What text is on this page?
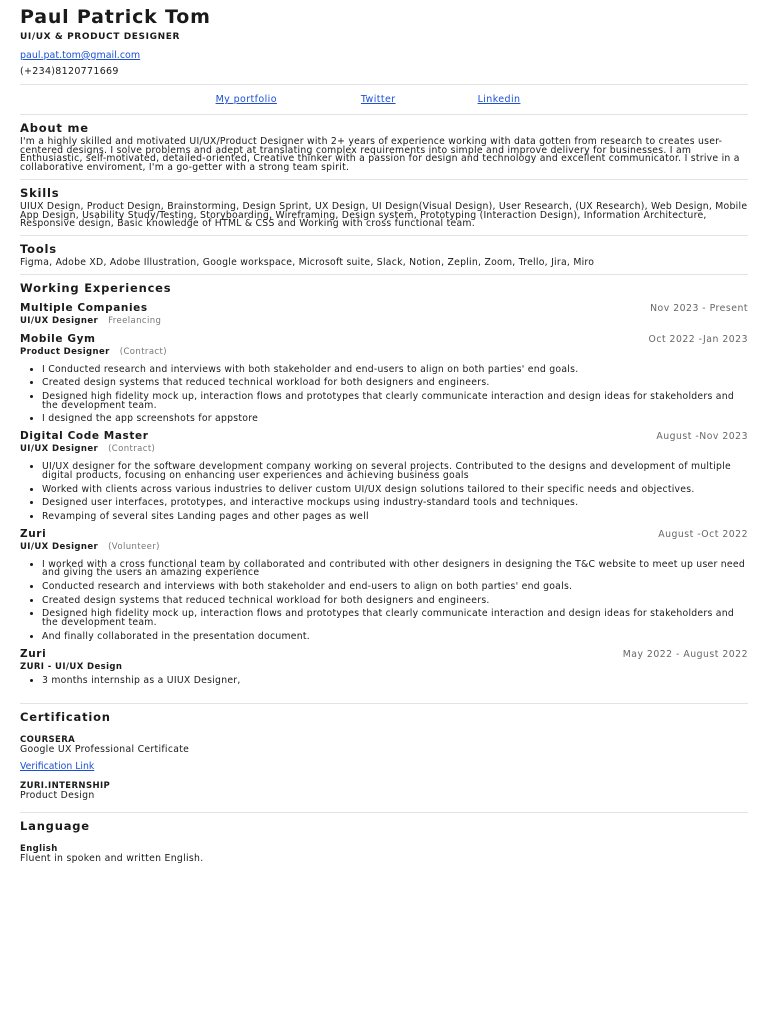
Paul Patrick Tom
UI/UX & PRODUCT DESIGNER
paul.pat.tom@gmail.com
(+234)8120771669
My portfolio	Twitter	Linkedin
About me

I'm a highly skilled and motivated UI/UX/Product Designer with 2+ years of experience working with data gotten from research to creates user-centered designs. I solve problems and adept at translating complex requirements into simple and improve delivery for businesses. I am Enthusiastic, self-motivated, detailed-oriented, Creative thinker with a passion for design and technology and excellent communicator. I strive in a collaborative enviroment, I'm a go-getter with a strong team spirit.

Skills

UIUX Design, Product Design, Brainstorming, Design Sprint, UX Design, UI Design(Visual Design), User Research, (UX Research), Web Design, Mobile App Design, Usability Study/Testing, Storyboarding, Wireframing, Design system, Prototyping (Interaction Design), Information Architecture, Responsive design, Basic knowledge of HTML & CSS and Working with cross functional team.

Tools

Figma, Adobe XD, Adobe Illustration, Google workspace, Microsoft suite, Slack, Notion, Zeplin, Zoom, Trello, Jira, Miro

Working Experiences
Multiple Companies	Nov 2023 - Present
UI/UX Designer Freelancing
Mobile Gym	Oct 2022 -Jan 2023
Product Designer (Contract)
• I Conducted research and interviews with both stakeholder and end-users to align on both parties' end goals.
• Created design systems that reduced technical workload for both designers and engineers.
• Designed high fidelity mock up, interaction flows and prototypes that clearly communicate interaction and design ideas for stakeholders and the development team.
• I designed the app screenshots for appstore
Digital Code Master	August -Nov 2023
UI/UX Designer (Contract)
• UI/UX designer for the software development company working on several projects. Contributed to the designs and development of multiple digital products, focusing on enhancing user experiences and achieving business goals
• Worked with clients across various industries to deliver custom UI/UX design solutions tailored to their specific needs and objectives.
• Designed user interfaces, prototypes, and interactive mockups using industry-standard tools and techniques.
• Revamping of several sites Landing pages and other pages as well
Zuri	August -Oct 2022
UI/UX Designer (Volunteer)
• I worked with a cross functional team by collaborated and contributed with other designers in designing the T&C website to meet up user need and giving the users an amazing experience
• Conducted research and interviews with both stakeholder and end-users to align on both parties' end goals.
• Created design systems that reduced technical workload for both designers and engineers.
• Designed high fidelity mock up, interaction flows and prototypes that clearly communicate interaction and design ideas for stakeholders and the development team.
• And finally collaborated in the presentation document.
Zuri	May 2022 - August 2022
ZURI - UI/UX Design
• 3 months internship as a UIUX Designer,
Certification
COURSERA
Google UX Professional Certificate
Verification Link
ZURI.INTERNSHIP
Product Design
Language
English
Fluent in spoken and written English.
